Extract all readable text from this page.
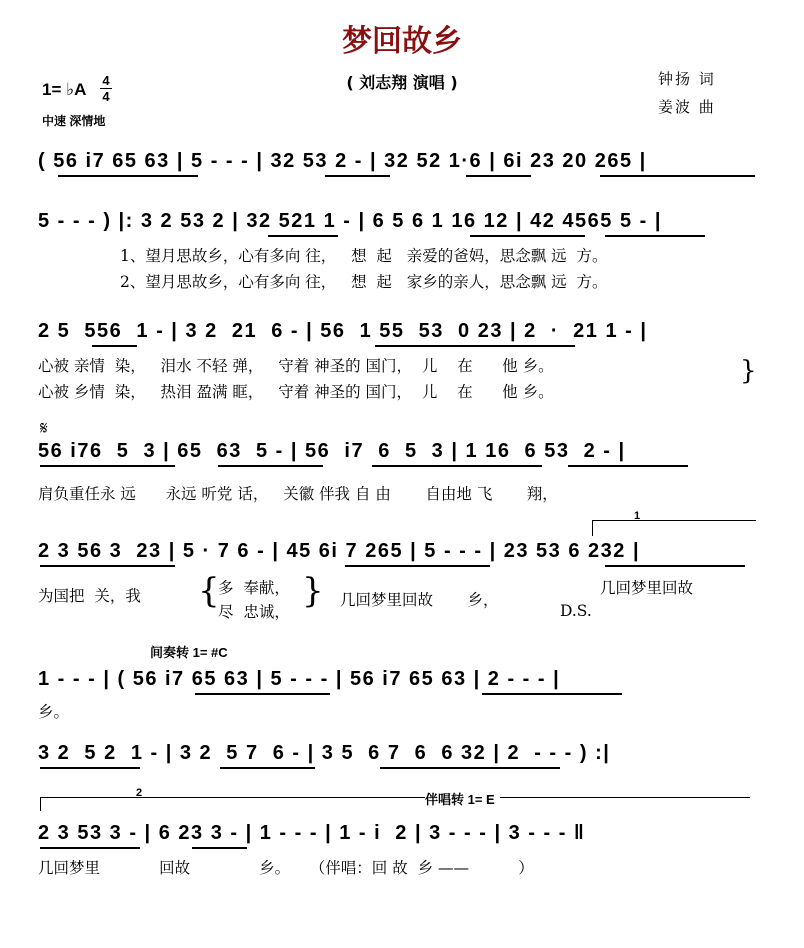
梦回故乡
( 刘志翔 演唱 )	钟扬 词
姜波 曲
1= ♭A 4
4
中速 深情地
( 56 i7 65 63 | 5 - - - | 32 53 2 - | 32 52 1·6 | 6i 23 20 265 |
5 - - - ) |: 3 2 53 2 | 32 521 1 - | 6 5 6 1 16 12 | 42 4565 5 - |
1、望月思故乡，心有多向 往，   想  起   亲爱的爸妈，思念飘 远  方。
2、望月思故乡，心有多向 往，   想  起   家乡的亲人，思念飘 远  方。
2 5  556  1 - | 3 2  21  6 - | 56  1 55  53  0 23 | 2  ·  21 1 - |
心被 亲情  染，   泪水 不轻 弹，   守着 神圣的 国门，  儿    在      他 乡。
心被 乡情  染，   热泪 盈满 眶，   守着 神圣的 国门，  儿    在      他 乡。
}
𝄋
56 i76  5  3 | 65  63  5 - | 56  i7  6  5  3 | 1 16  6 53  2 - |
肩负重任永 远      永远 听党 话，   关徽 伴我 自 由       自由地 飞       翔，
1
2 3 56 3  23 | 5 · 7 6 - | 45 6i 7 265 | 5 - - - | 23 53 6 232 |
为国把  关，我	{
多  奉献，
尽  忠诚，
} 几回梦里回故       乡，
几回梦里回故
D.S.
间奏转 1= #C
1 - - - | ( 56 i7 65 63 | 5 - - - | 56 i7 65 63 | 2 - - - |
乡。
3 2  5 2  1 - | 3 2  5 7  6 - | 3 5  6 7  6  6 32 | 2  - - - ) :|
2	伴唱转 1= E
2 3 53 3 - | 6 23 3 - | 1 - - - | 1 - i  2 | 3 - - - | 3 - - - ‖
几回梦里            回故              乡。    （伴唱：回 故  乡 ——          ）
